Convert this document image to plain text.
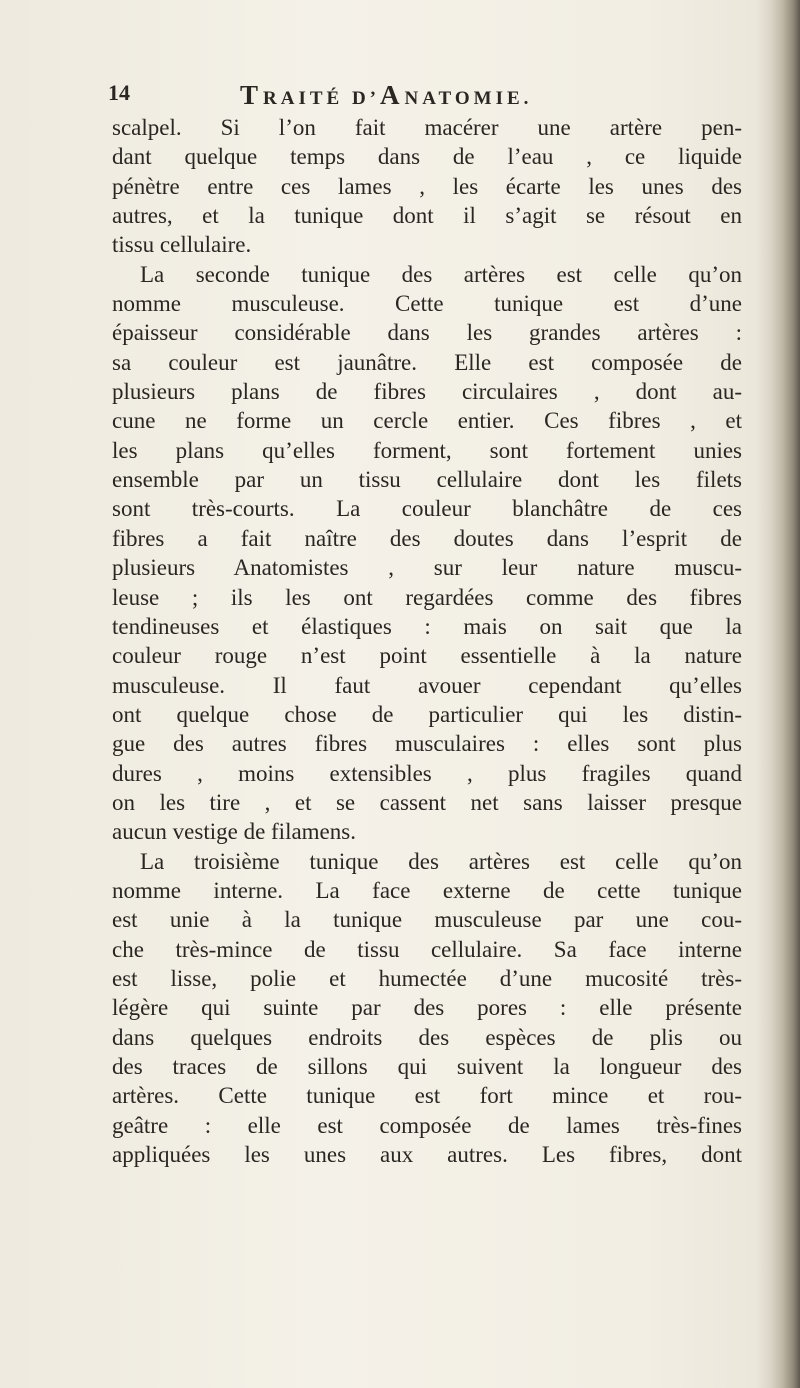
14	TRAITÉ D’ANATOMIE.
scalpel. Si l’on fait macérer une artère pen-
dant quelque temps dans de l’eau , ce liquide
pénètre entre ces lames , les écarte les unes des
autres, et la tunique dont il s’agit se résout en
tissu cellulaire.
La seconde tunique des artères est celle qu’on
nomme musculeuse. Cette tunique est d’une
épaisseur considérable dans les grandes artères :
sa couleur est jaunâtre. Elle est composée de
plusieurs plans de fibres circulaires , dont au-
cune ne forme un cercle entier. Ces fibres , et
les plans qu’elles forment, sont fortement unies
ensemble par un tissu cellulaire dont les filets
sont très-courts. La couleur blanchâtre de ces
fibres a fait naître des doutes dans l’esprit de
plusieurs Anatomistes , sur leur nature muscu-
leuse ; ils les ont regardées comme des fibres
tendineuses et élastiques : mais on sait que la
couleur rouge n’est point essentielle à la nature
musculeuse. Il faut avouer cependant qu’elles
ont quelque chose de particulier qui les distin-
gue des autres fibres musculaires : elles sont plus
dures , moins extensibles , plus fragiles quand
on les tire , et se cassent net sans laisser presque
aucun vestige de filamens.
La troisième tunique des artères est celle qu’on
nomme interne. La face externe de cette tunique
est unie à la tunique musculeuse par une cou-
che très-mince de tissu cellulaire. Sa face interne
est lisse, polie et humectée d’une mucosité très-
légère qui suinte par des pores : elle présente
dans quelques endroits des espèces de plis ou
des traces de sillons qui suivent la longueur des
artères. Cette tunique est fort mince et rou-
geâtre : elle est composée de lames très-fines
appliquées les unes aux autres. Les fibres, dont
